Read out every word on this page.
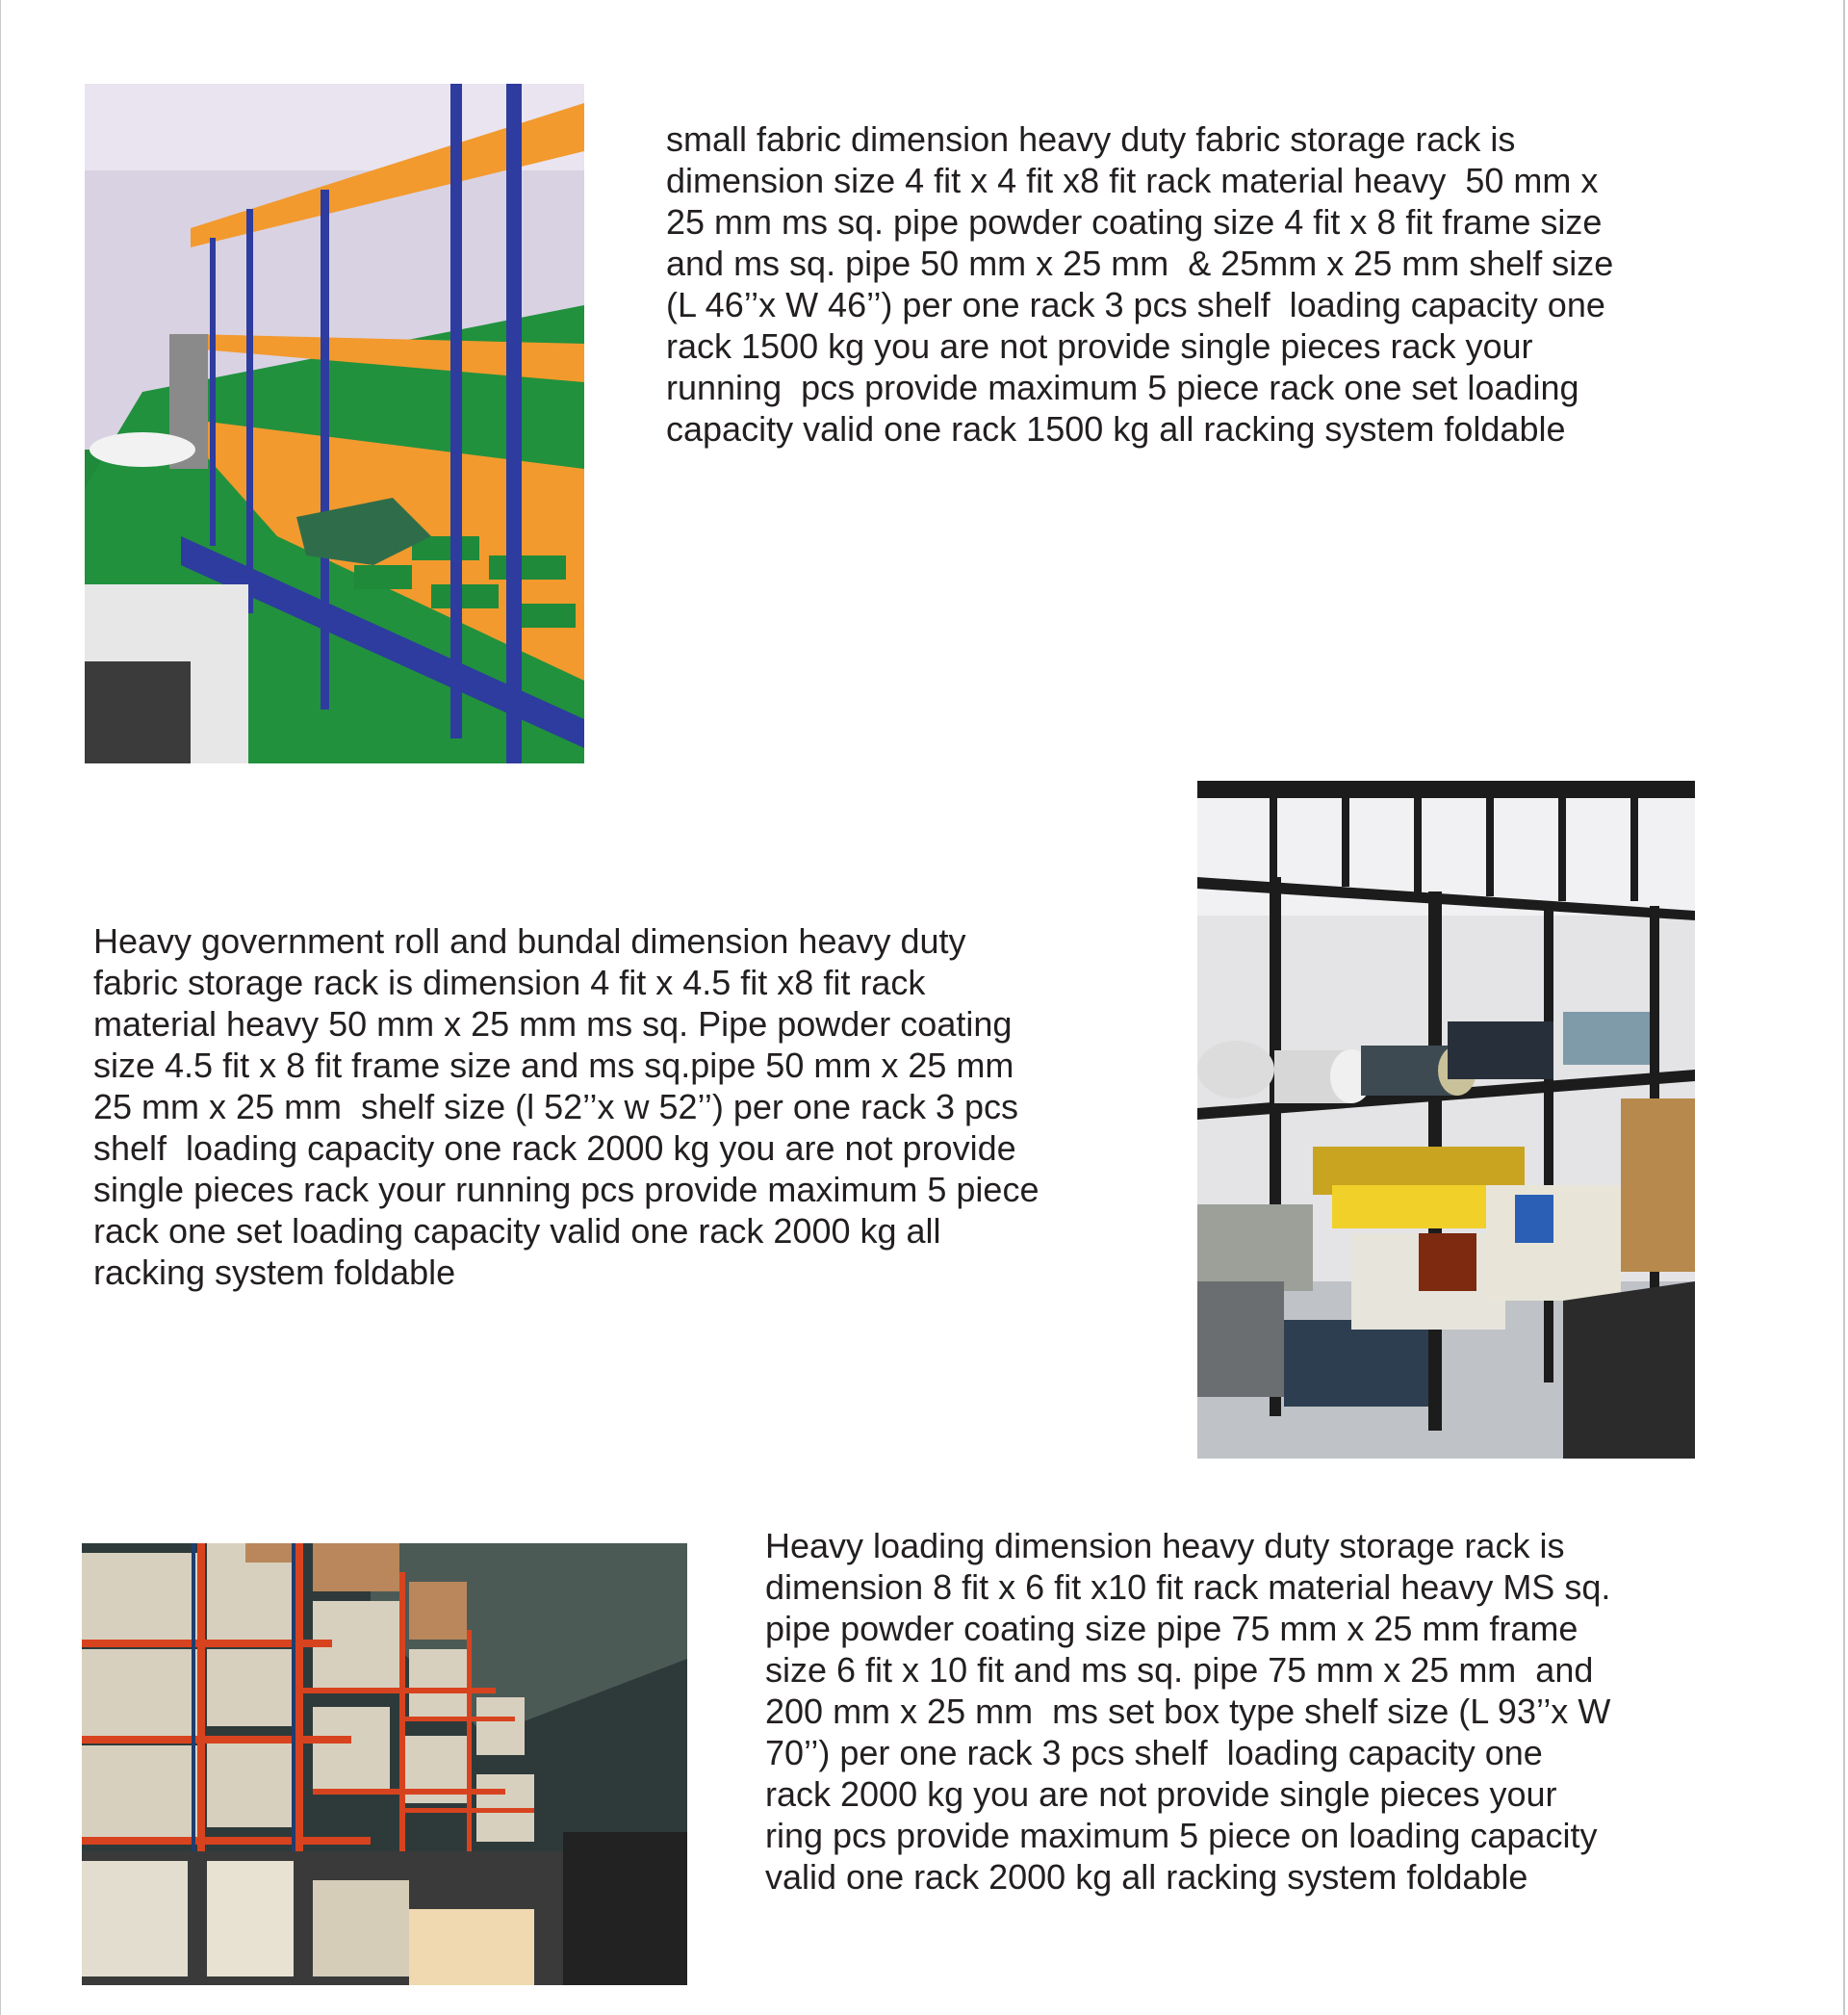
small fabric dimension heavy duty fabric storage rack is
dimension size 4 fit x 4 fit x8 fit rack material heavy  50 mm x
25 mm ms sq. pipe powder coating size 4 fit x 8 fit frame size
and ms sq. pipe 50 mm x 25 mm  & 25mm x 25 mm shelf size
(L 46’’x W 46’’) per one rack 3 pcs shelf  loading capacity one
rack 1500 kg you are not provide single pieces rack your
running  pcs provide maximum 5 piece rack one set loading
capacity valid one rack 1500 kg all racking system foldable

Heavy government roll and bundal dimension heavy duty
fabric storage rack is dimension 4 fit x 4.5 fit x8 fit rack
material heavy 50 mm x 25 mm ms sq. Pipe powder coating
size 4.5 fit x 8 fit frame size and ms sq.pipe 50 mm x 25 mm
25 mm x 25 mm  shelf size (l 52’’x w 52’’) per one rack 3 pcs
shelf  loading capacity one rack 2000 kg you are not provide
single pieces rack your running pcs provide maximum 5 piece
rack one set loading capacity valid one rack 2000 kg all
racking system foldable

Heavy loading dimension heavy duty storage rack is
dimension 8 fit x 6 fit x10 fit rack material heavy MS sq.
pipe powder coating size pipe 75 mm x 25 mm frame
size 6 fit x 10 fit and ms sq. pipe 75 mm x 25 mm  and
200 mm x 25 mm  ms set box type shelf size (L 93’’x W
70’’) per one rack 3 pcs shelf  loading capacity one
rack 2000 kg you are not provide single pieces your
ring pcs provide maximum 5 piece on loading capacity
valid one rack 2000 kg all racking system foldable
